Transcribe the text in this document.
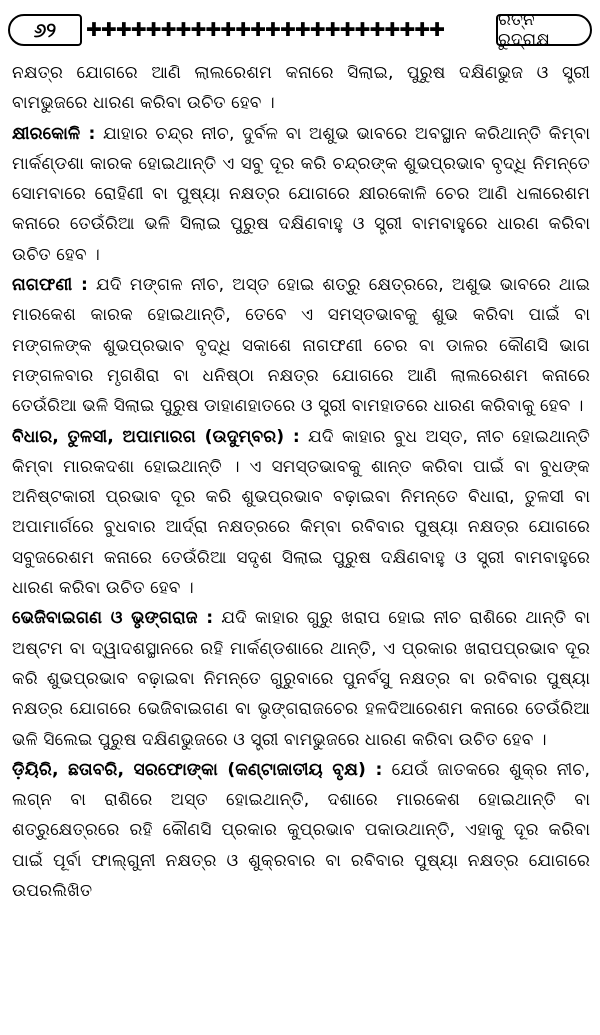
୬୨	✚✚✚✚✚✚✚✚✚✚✚✚✚✚✚✚✚✚✚✚✚✚✚✚	ରତ୍ନ ରୁଦ୍ରାକ୍ଷ

ନକ୍ଷତ୍ର ଯୋଗରେ ଆଣି ଲାଲରେଶମ କନାରେ ସିଲାଇ, ପୁରୁଷ ଦକ୍ଷିଣଭୁଜ ଓ ସ୍ତ୍ରୀ ବାମଭୁଜରେ ଧାରଣ କରିବା ଉଚିତ ହେବ ।

କ୍ଷୀରକୋଳି : ଯାହାର ଚନ୍ଦ୍ର ନୀଚ, ଦୁର୍ବଳ ବା ଅଶୁଭ ଭାବରେ ଅବସ୍ଥାନ କରିଥାନ୍ତି କିମ୍ବା ମାର୍କଣ୍ଡଶା କାରକ ହୋଇଥାନ୍ତି ଏ ସବୁ ଦୂର କରି ଚନ୍ଦ୍ରଙ୍କ ଶୁଭପ୍ରଭାବ ବୃଦ୍ଧି ନିମନ୍ତେ ସୋମବାରେ ରୋହିଣୀ ବା ପୁଷ୍ୟା ନକ୍ଷତ୍ର ଯୋଗରେ କ୍ଷୀରକୋଳି ଚେର ଆଣି ଧଳାରେଶମ କନାରେ ତେଉଁରିଆ ଭଳି ସିଲାଇ ପୁରୁଷ ଦକ୍ଷିଣବାହୁ ଓ ସ୍ତ୍ରୀ ବାମବାହୁରେ ଧାରଣ କରିବା ଉଚିତ ହେବ ।

ନାଗଫଣୀ : ଯଦି ମଙ୍ଗଳ ନୀଚ, ଅସ୍ତ ହୋଇ ଶତ୍ରୁ କ୍ଷେତ୍ରରେ, ଅଶୁଭ ଭାବରେ ଥାଇ ମାରକେଶ କାରକ ହୋଇଥାନ୍ତି, ତେବେ ଏ ସମସ୍ତଭାବକୁ ଶୁଭ କରିବା ପାଇଁ ବା ମଙ୍ଗଳଙ୍କ ଶୁଭପ୍ରଭାବ ବୃଦ୍ଧି ସକାଶେ ନାଗଫଣୀ ଚେର ବା ଡାଳର କୌଣସି ଭାଗ ମଙ୍ଗଳବାର ମୃଗଶିରା ବା ଧନିଷ୍ଠା ନକ୍ଷତ୍ର ଯୋଗରେ ଆଣି ଲାଲରେଶମ କନାରେ ତେଉଁରିଆ ଭଳି ସିଲାଇ ପୁରୁଷ ଡାହାଣହାତରେ ଓ ସ୍ତ୍ରୀ ବାମହାତରେ ଧାରଣ କରିବାକୁ ହେବ ।

ବିଧାର, ତୁଳସୀ, ଅପାମାରଗ (ଉଦୁମ୍ବର) : ଯଦି କାହାର ବୁଧ ଅସ୍ତ, ନୀଚ ହୋଇଥାନ୍ତି କିମ୍ବା ମାରକଦଶା ହୋଇଥାନ୍ତି । ଏ ସମସ୍ତଭାବକୁ ଶାନ୍ତ କରିବା ପାଇଁ ବା ବୁଧଙ୍କ ଅନିଷ୍ଟକାରୀ ପ୍ରଭାବ ଦୂର କରି ଶୁଭପ୍ରଭାବ ବଢ଼ାଇବା ନିମନ୍ତେ ବିଧାରା, ତୁଳସୀ ବା ଅପାମାର୍ଗରେ ବୁଧବାର ଆର୍ଦ୍ରା ନକ୍ଷତ୍ରରେ କିମ୍ବା ରବିବାର ପୁଷ୍ୟା ନକ୍ଷତ୍ର ଯୋଗରେ ସବୁଜରେଶମ କନାରେ ତେଉଁରିଆ ସଦୃଶ ସିଲାଇ ପୁରୁଷ ଦକ୍ଷିଣବାହୁ ଓ ସ୍ତ୍ରୀ ବାମବାହୁରେ ଧାରଣ କରିବା ଉଚିତ ହେବ ।

ଭେଜିବାଇଗଣ ଓ ଭୃଙ୍ଗରାଜ : ଯଦି କାହାର ଗୁରୁ ଖରାପ ହୋଇ ନୀଚ ରାଶିରେ ଥାନ୍ତି ବା ଅଷ୍ଟମ ବା ଦ୍ୱାଦଶସ୍ଥାନରେ ରହି ମାର୍କଣ୍ଡଶାରେ ଥାନ୍ତି, ଏ ପ୍ରକାର ଖରାପପ୍ରଭାବ ଦୂର କରି ଶୁଭପ୍ରଭାବ ବଢ଼ାଇବା ନିମନ୍ତେ ଗୁରୁବାରେ ପୁନର୍ବସୁ ନକ୍ଷତ୍ର ବା ରବିବାର ପୁଷ୍ୟା ନକ୍ଷତ୍ର ଯୋଗରେ ଭେଜିବାଇଗଣ ବା ଭୃଙ୍ଗରାଜଚେର ହଳଦିଆରେଶମ କନାରେ ତେଉଁରିଆ ଭଳି ସିଲେଇ ପୁରୁଷ ଦକ୍ଷିଣଭୁଜରେ ଓ ସ୍ତ୍ରୀ ବାମଭୁଜରେ ଧାରଣ କରିବା ଉଚିତ ହେବ ।

ଡ଼ିୟିରି, ଛତାବରି, ସରଫୋଙ୍କା (କଣ୍ଟାଜାତୀୟ ବୃକ୍ଷ) : ଯେଉଁ ଜାତକରେ ଶୁକ୍ର ନୀଚ, ଲଗ୍ନ ବା ରାଶିରେ ଅସ୍ତ ହୋଇଥାନ୍ତି, ଦଶାରେ ମାରକେଶ ହୋଇଥାନ୍ତି ବା ଶତ୍ରୁକ୍ଷେତ୍ରରେ ରହି କୌଣସି ପ୍ରକାର କୁପ୍ରଭାବ ପକାଉଥାନ୍ତି, ଏହାକୁ ଦୂର କରିବା ପାଇଁ ପୂର୍ବା ଫାଲ୍‌ଗୁନୀ ନକ୍ଷତ୍ର ଓ ଶୁକ୍ରବାର ବା ରବିବାର ପୁଷ୍ୟା ନକ୍ଷତ୍ର ଯୋଗରେ ଉପରଲିଖିତ
